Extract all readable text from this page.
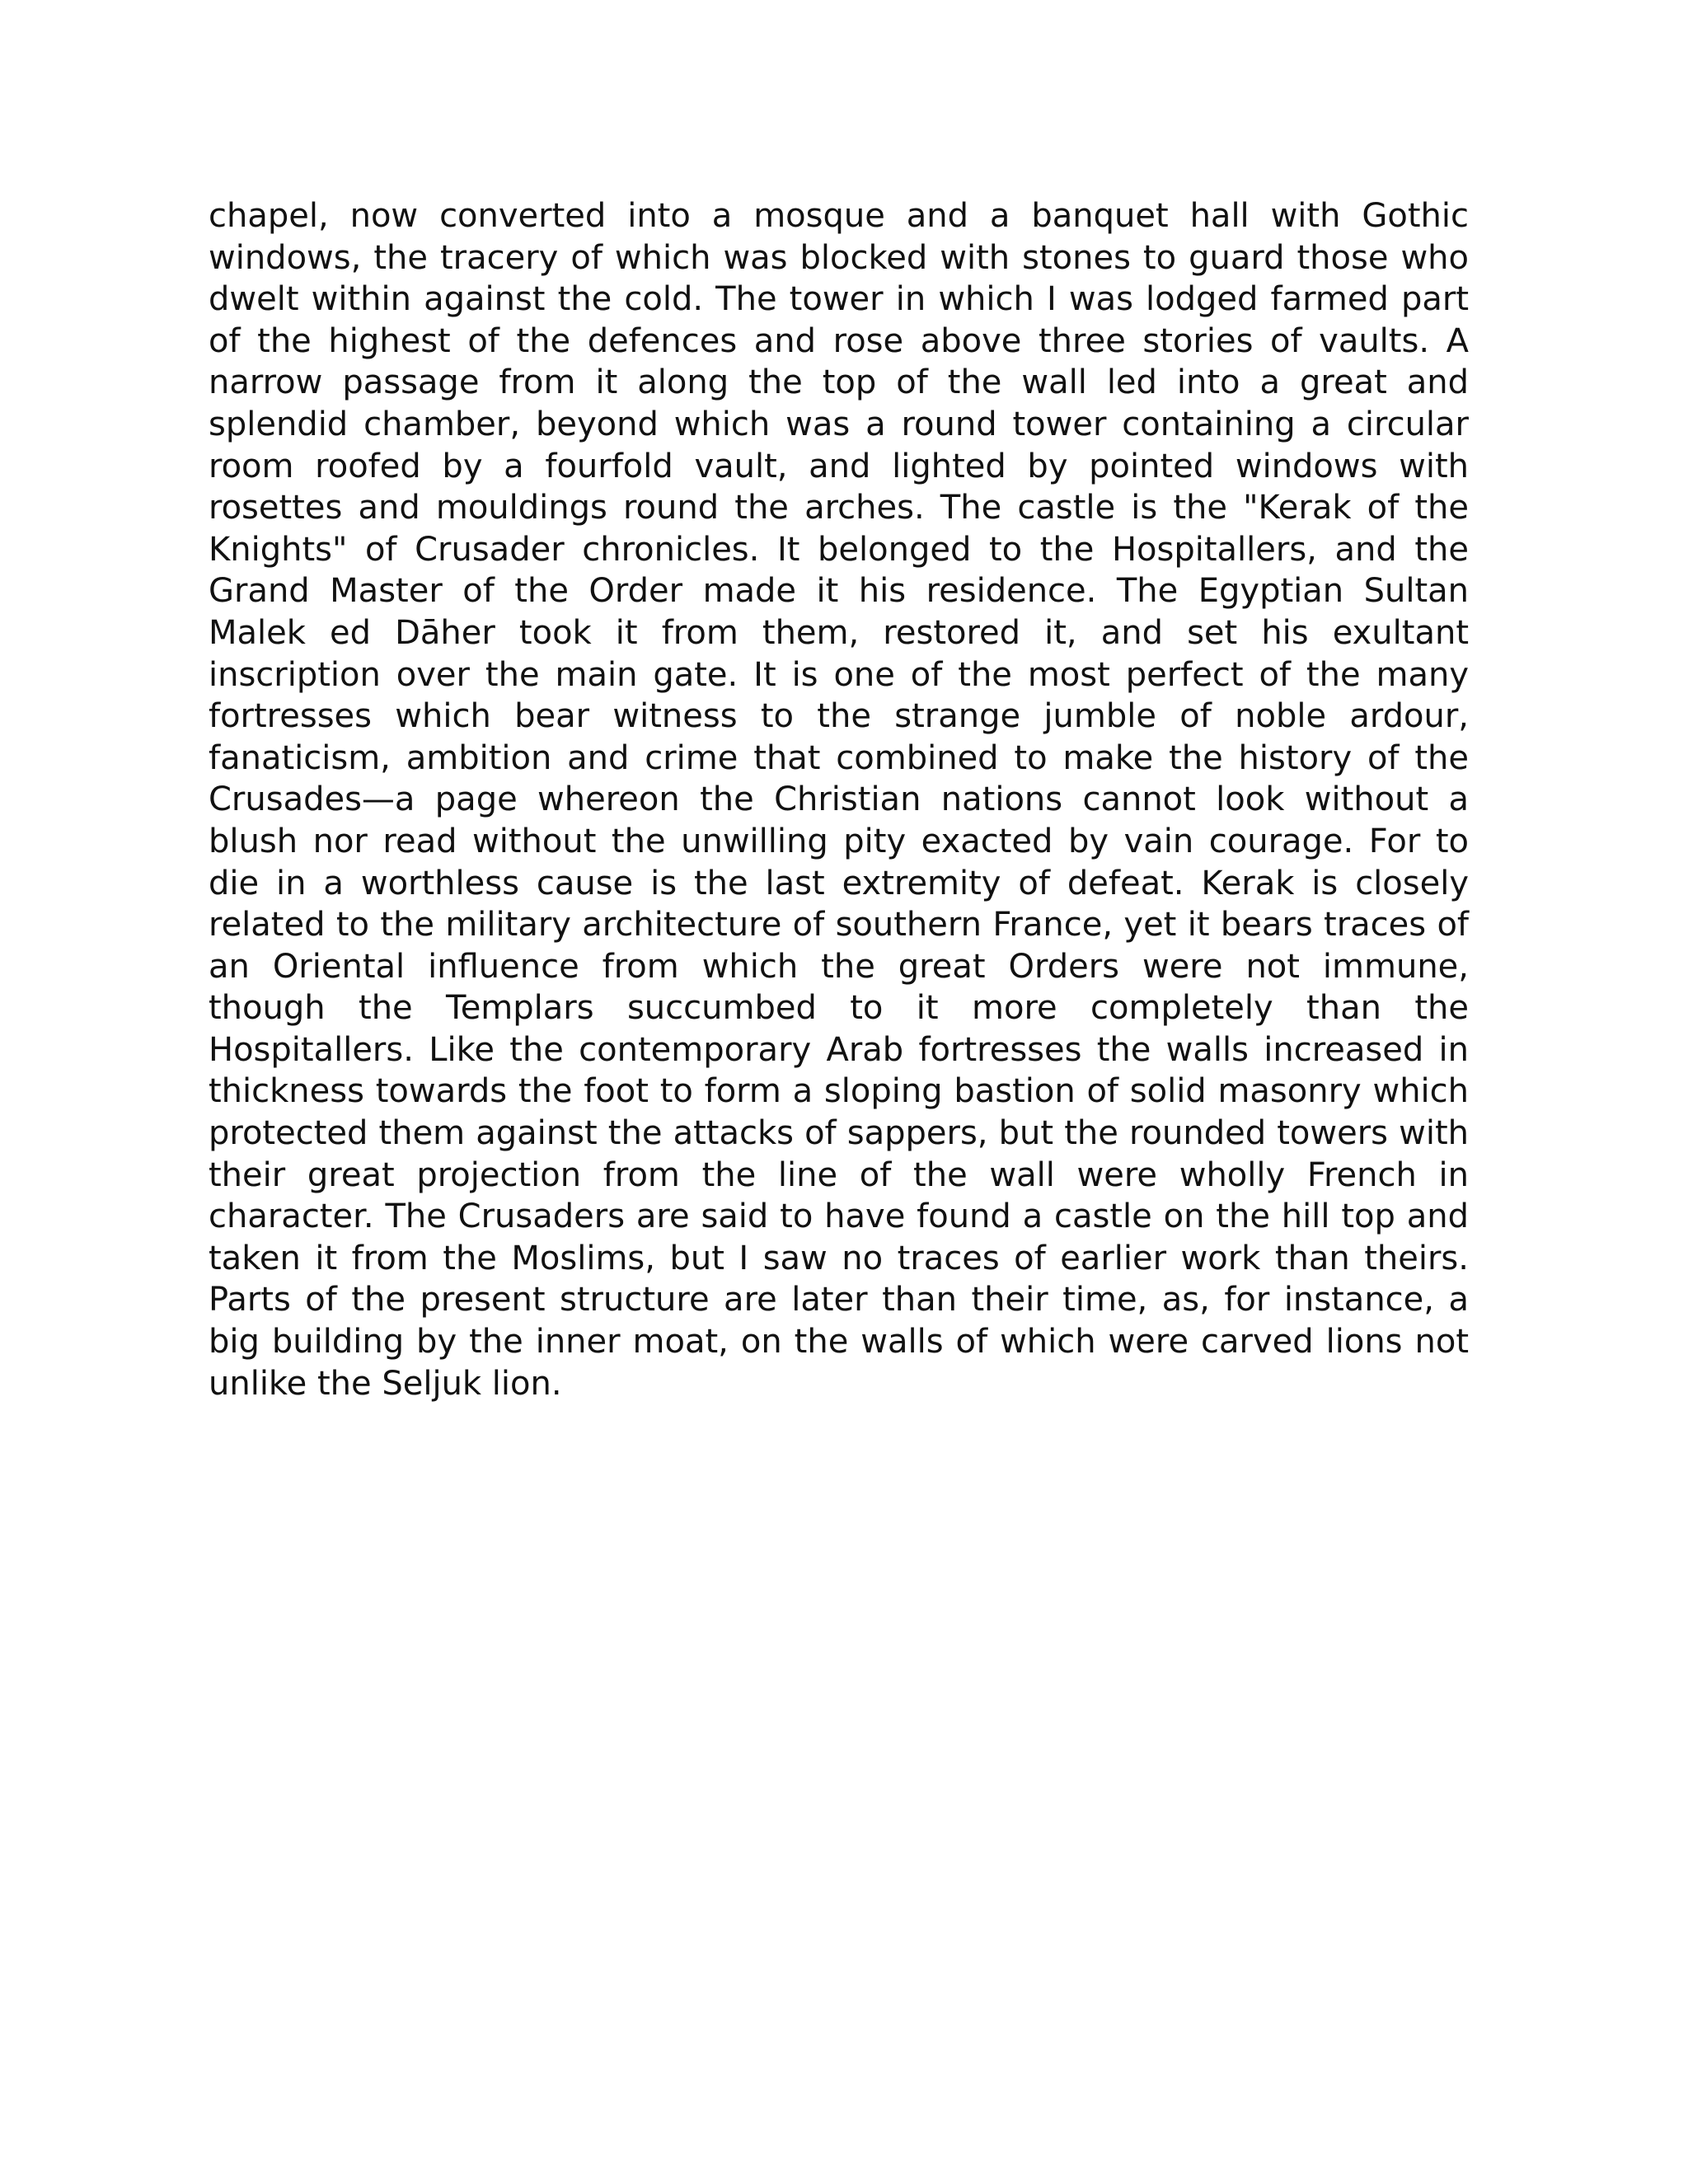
chapel, now converted into a mosque and a banquet hall with Gothic windows, the tracery of which was blocked with stones to guard those who dwelt within against the cold. The tower in which I was lodged farmed part of the highest of the defences and rose above three stories of vaults. A narrow passage from it along the top of the wall led into a great and splendid chamber, beyond which was a round tower containing a circular room roofed by a fourfold vault, and lighted by pointed windows with rosettes and mouldings round the arches. The castle is the "Kerak of the Knights" of Crusader chronicles. It belonged to the Hospitallers, and the Grand Master of the Order made it his residence. The Egyptian Sultan Malek ed Dāher took it from them, restored it, and set his exultant inscription over the main gate. It is one of the most perfect of the many fortresses which bear witness to the strange jumble of noble ardour, fanaticism, ambition and crime that combined to make the history of the Crusades—a page whereon the Christian nations cannot look without a blush nor read without the unwilling pity exacted by vain courage. For to die in a worthless cause is the last extremity of defeat. Kerak is closely related to the military architecture of southern France, yet it bears traces of an Oriental influence from which the great Orders were not immune, though the Templars succumbed to it more completely than the Hospitallers. Like the contemporary Arab fortresses the walls increased in thickness towards the foot to form a sloping bastion of solid masonry which protected them against the attacks of sappers, but the rounded towers with their great projection from the line of the wall were wholly French in character. The Crusaders are said to have found a castle on the hill top and taken it from the Moslims, but I saw no traces of earlier work than theirs. Parts of the present structure are later than their time, as, for instance, a big building by the inner moat, on the walls of which were carved lions not unlike the Seljuk lion.
